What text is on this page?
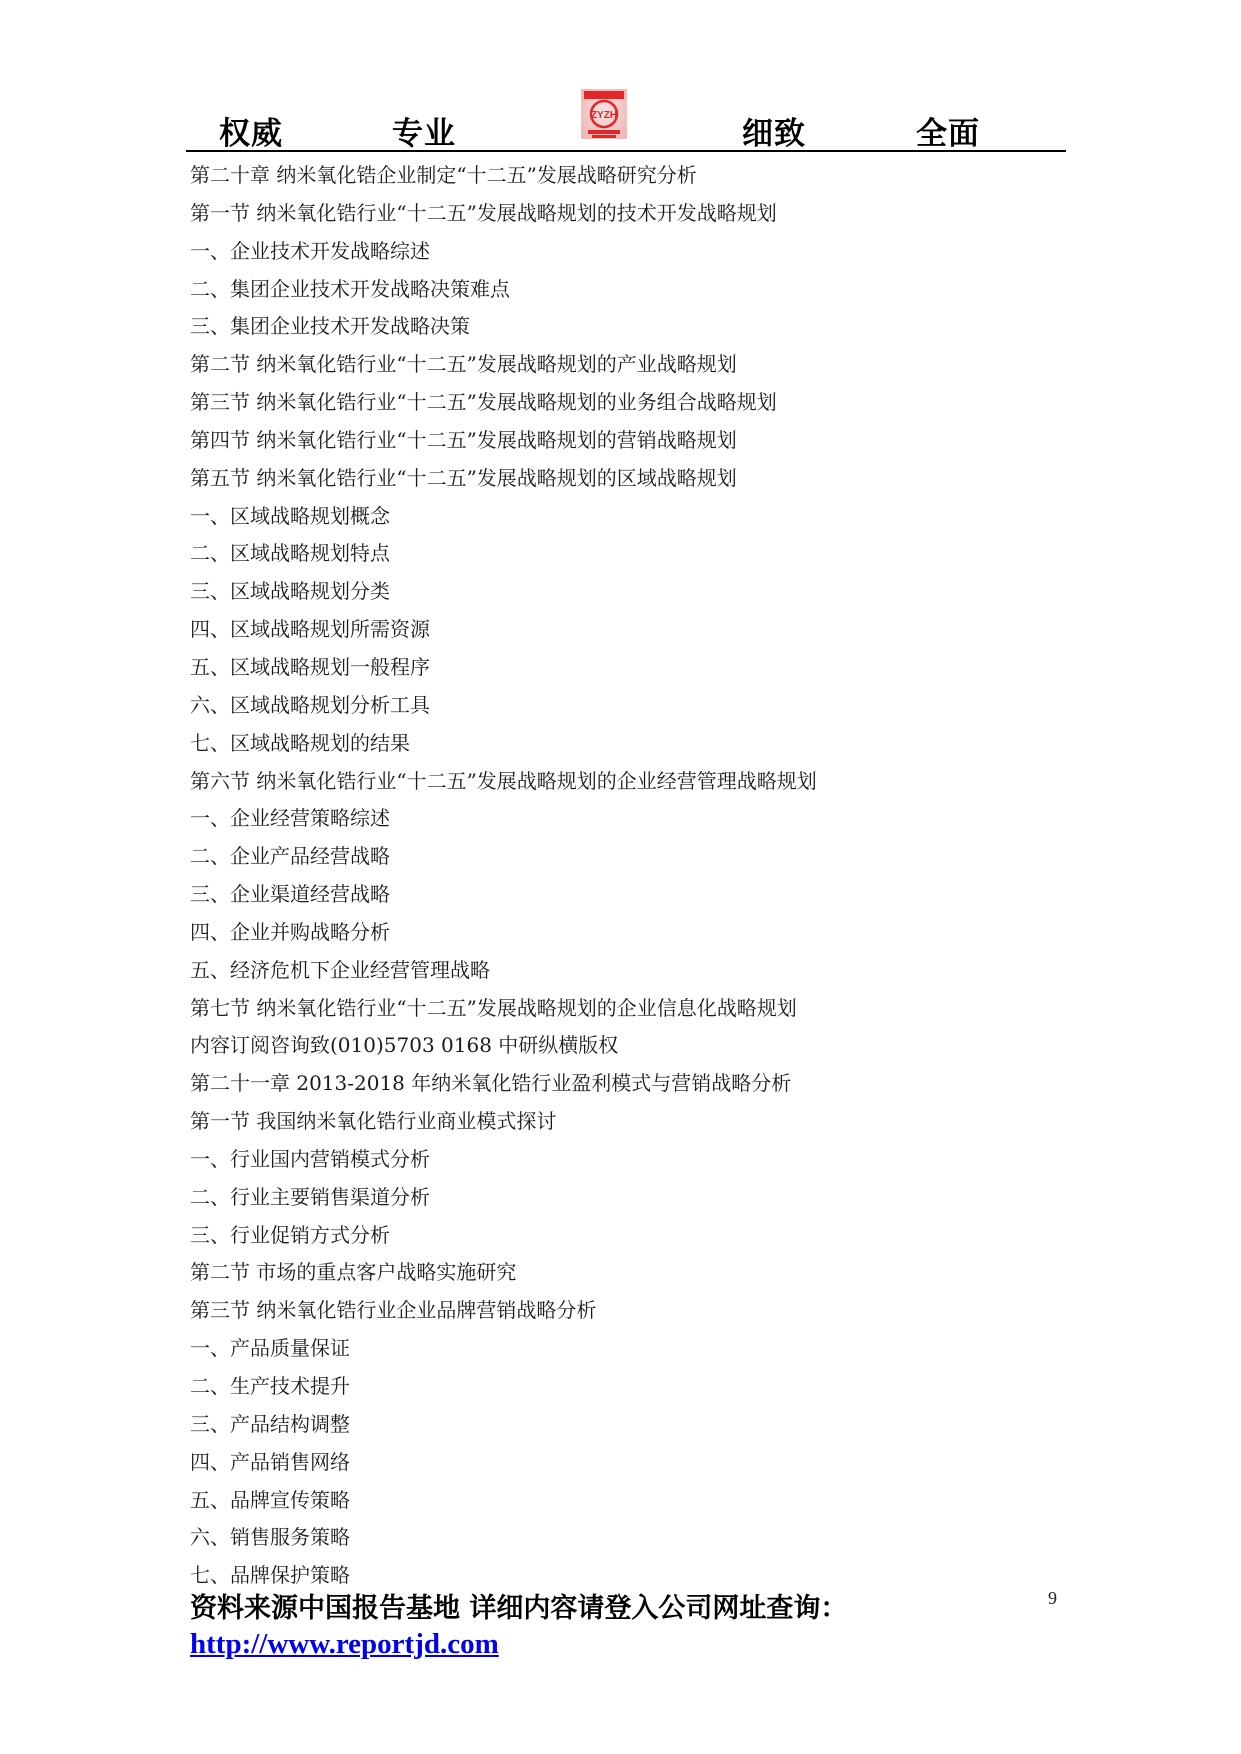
权威	专业
ZYZH
细致	全面
第二十章 纳米氧化锆企业制定“十二五”发展战略研究分析
第一节 纳米氧化锆行业“十二五”发展战略规划的技术开发战略规划
一、企业技术开发战略综述
二、集团企业技术开发战略决策难点
三、集团企业技术开发战略决策
第二节 纳米氧化锆行业“十二五”发展战略规划的产业战略规划
第三节 纳米氧化锆行业“十二五”发展战略规划的业务组合战略规划
第四节 纳米氧化锆行业“十二五”发展战略规划的营销战略规划
第五节 纳米氧化锆行业“十二五”发展战略规划的区域战略规划
一、区域战略规划概念
二、区域战略规划特点
三、区域战略规划分类
四、区域战略规划所需资源
五、区域战略规划一般程序
六、区域战略规划分析工具
七、区域战略规划的结果
第六节 纳米氧化锆行业“十二五”发展战略规划的企业经营管理战略规划
一、企业经营策略综述
二、企业产品经营战略
三、企业渠道经营战略
四、企业并购战略分析
五、经济危机下企业经营管理战略
第七节 纳米氧化锆行业“十二五”发展战略规划的企业信息化战略规划
内容订阅咨询致(010)5703 0168 中研纵横版权
第二十一章 2013-2018 年纳米氧化锆行业盈利模式与营销战略分析
第一节 我国纳米氧化锆行业商业模式探讨
一、行业国内营销模式分析
二、行业主要销售渠道分析
三、行业促销方式分析
第二节 市场的重点客户战略实施研究
第三节 纳米氧化锆行业企业品牌营销战略分析
一、产品质量保证
二、生产技术提升
三、产品结构调整
四、产品销售网络
五、品牌宣传策略
六、销售服务策略
七、品牌保护策略
9
资料来源中国报告基地 详细内容请登入公司网址查询：
http://www.reportjd.com
